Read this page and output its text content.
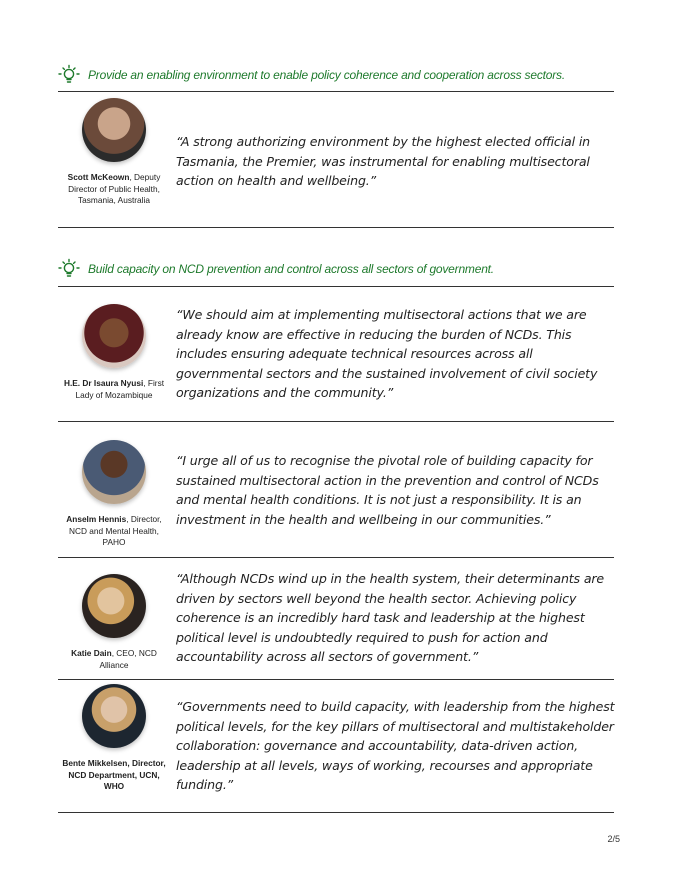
Provide an enabling environment to enable policy coherence and cooperation across sectors.
Scott McKeown, Deputy Director of Public Health, Tasmania, Australia
“A strong authorizing environment by the highest elected official in Tasmania, the Premier, was instrumental for enabling multisectoral action on health and wellbeing.”
Build capacity on NCD prevention and control across all sectors of government.
H.E. Dr Isaura Nyusi, First Lady of Mozambique
“We should aim at implementing multisectoral actions that we are already know are effective in reducing the burden of NCDs. This includes ensuring adequate technical resources across all governmental sectors and the sustained involvement of civil society organizations and the community.”
Anselm Hennis, Director, NCD and Mental Health, PAHO
“I urge all of us to recognise the pivotal role of building capacity for sustained multisectoral action in the prevention and control of NCDs and mental health conditions. It is not just a responsibility. It is an investment in the health and wellbeing in our communities.”
Katie Dain, CEO, NCD Alliance
“Although NCDs wind up in the health system, their determinants are driven by sectors well beyond the health sector. Achieving policy coherence is an incredibly hard task and leadership at the highest political level is undoubtedly required to push for action and accountability across all sectors of government.”
Bente Mikkelsen, Director, NCD Department, UCN, WHO
“Governments need to build capacity, with leadership from the highest political levels, for the key pillars of multisectoral and multistakeholder collaboration: governance and accountability, data-driven action, leadership at all levels, ways of working, recourses and appropriate funding.”
2/5
